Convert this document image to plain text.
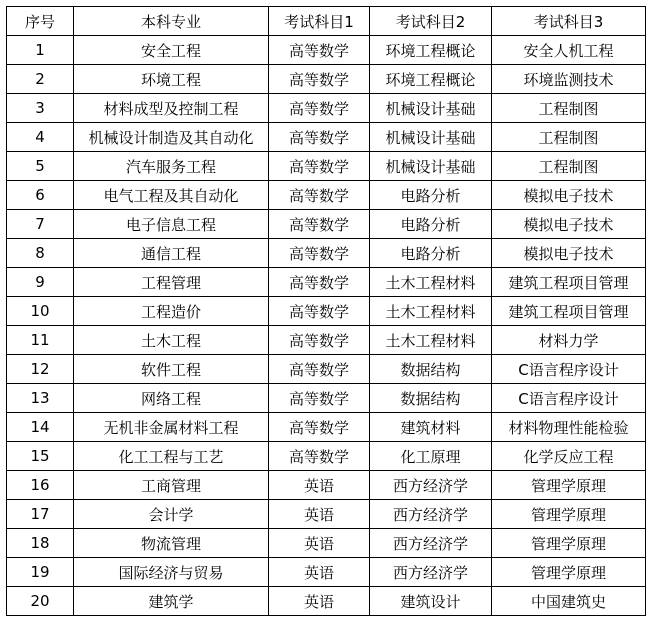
序号	本科专业	考试科目1	考试科目2	考试科目3
1	安全工程	高等数学	环境工程概论	安全人机工程
2	环境工程	高等数学	环境工程概论	环境监测技术
3	材料成型及控制工程	高等数学	机械设计基础	工程制图
4	机械设计制造及其自动化	高等数学	机械设计基础	工程制图
5	汽车服务工程	高等数学	机械设计基础	工程制图
6	电气工程及其自动化	高等数学	电路分析	模拟电子技术
7	电子信息工程	高等数学	电路分析	模拟电子技术
8	通信工程	高等数学	电路分析	模拟电子技术
9	工程管理	高等数学	土木工程材料	建筑工程项目管理
10	工程造价	高等数学	土木工程材料	建筑工程项目管理
11	土木工程	高等数学	土木工程材料	材料力学
12	软件工程	高等数学	数据结构	C语言程序设计
13	网络工程	高等数学	数据结构	C语言程序设计
14	无机非金属材料工程	高等数学	建筑材料	材料物理性能检验
15	化工工程与工艺	高等数学	化工原理	化学反应工程
16	工商管理	英语	西方经济学	管理学原理
17	会计学	英语	西方经济学	管理学原理
18	物流管理	英语	西方经济学	管理学原理
19	国际经济与贸易	英语	西方经济学	管理学原理
20	建筑学	英语	建筑设计	中国建筑史
